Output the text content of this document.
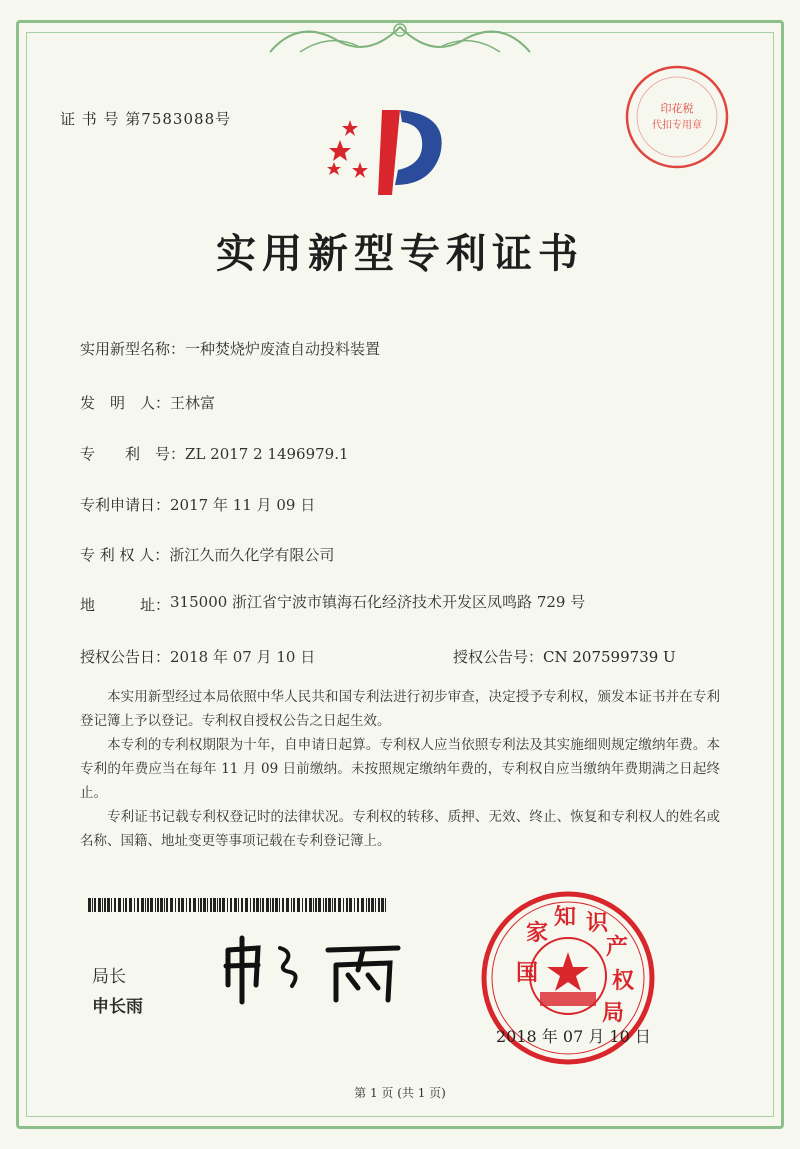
证 书 号 第7583088号
印花税
代扣专用章
实用新型专利证书
实用新型名称：一种焚烧炉废渣自动投料装置
发　明　人：王林富
专　　利　号：ZL 2017 2 1496979.1
专利申请日：2017 年 11 月 09 日
专 利 权 人：浙江久而久化学有限公司
地　　　址：315000 浙江省宁波市镇海石化经济技术开发区凤鸣路 729 号
授权公告日：2018 年 07 月 10 日	授权公告号：CN 207599739 U

本实用新型经过本局依照中华人民共和国专利法进行初步审查，决定授予专利权，颁发本证书并在专利登记簿上予以登记。专利权自授权公告之日起生效。

本专利的专利权期限为十年，自申请日起算。专利权人应当依照专利法及其实施细则规定缴纳年费。本专利的年费应当在每年 11 月 09 日前缴纳。未按照规定缴纳年费的，专利权自应当缴纳年费期满之日起终止。

专利证书记载专利权登记时的法律状况。专利权的转移、质押、无效、终止、恢复和专利权人的姓名或名称、国籍、地址变更等事项记载在专利登记簿上。

局长
申长雨
国
家
知 识
产
权
局
2018 年 07 月 10 日
第 1 页 (共 1 页)
